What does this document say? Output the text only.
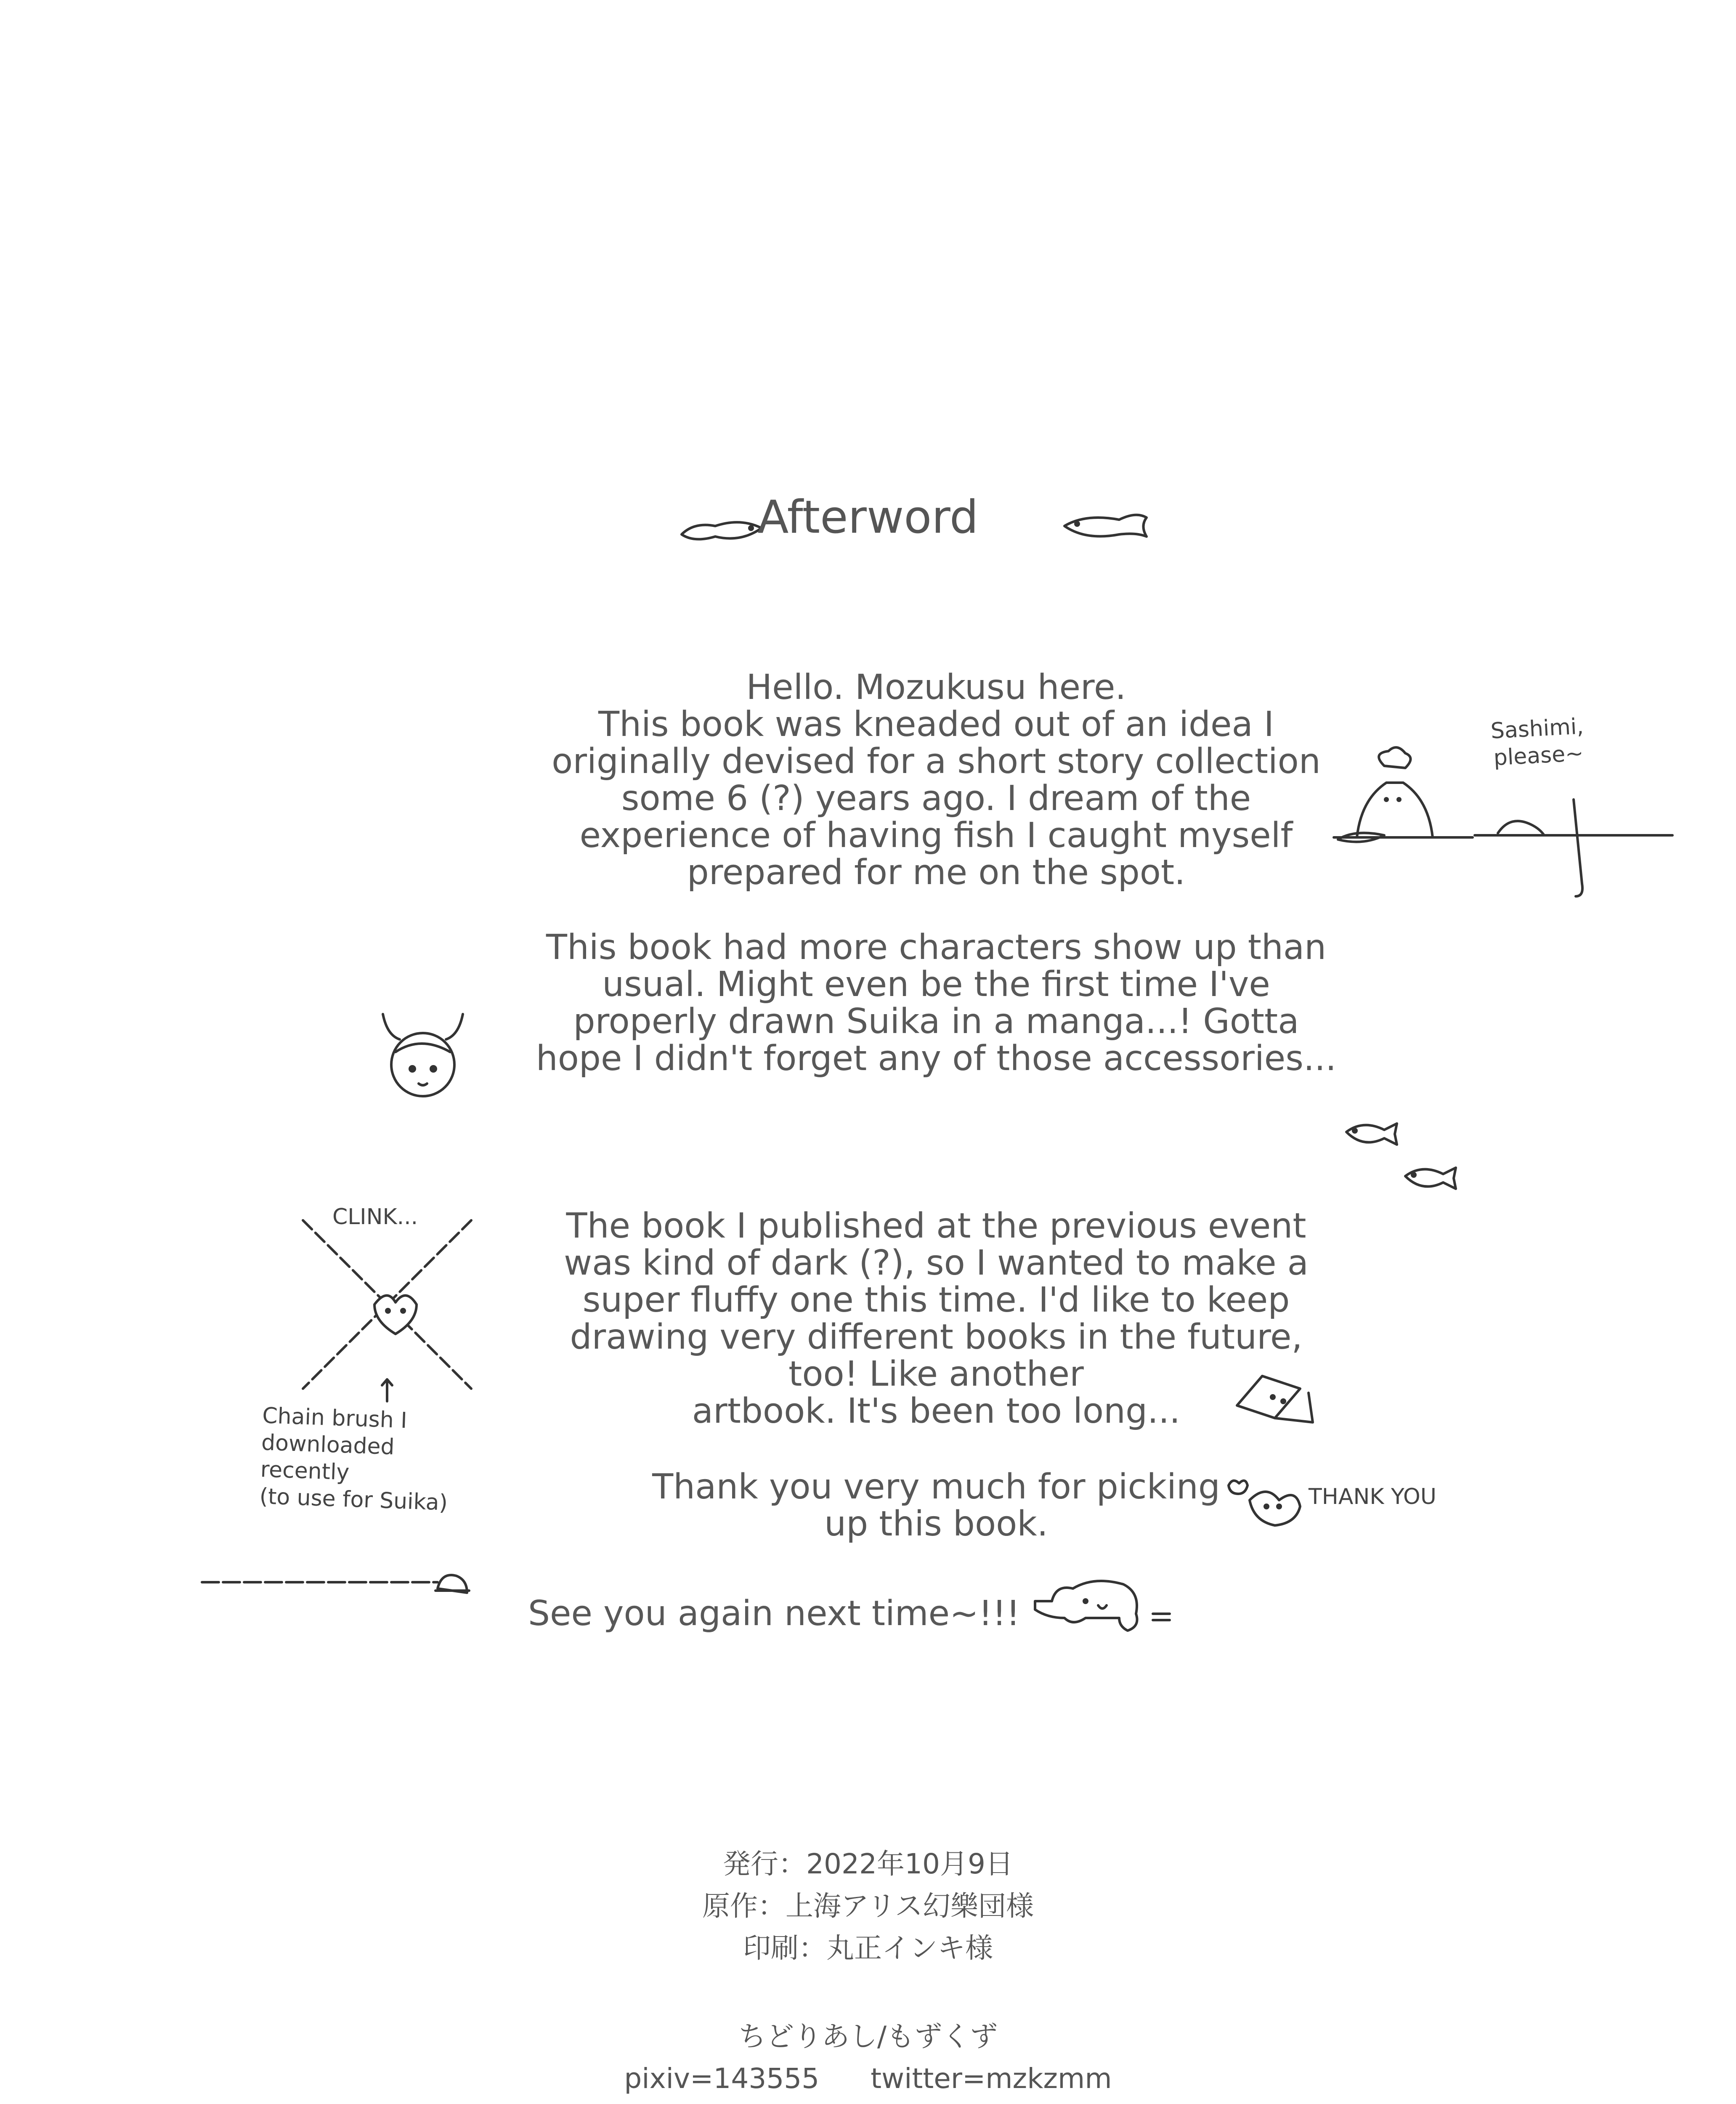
Afterword
Hello. Mozukusu here.
This book was kneaded out of an idea I
originally devised for a short story collection
some 6 (?) years ago. I dream of the
experience of having fish I caught myself
prepared for me on the spot.
Sashimi,
please~
This book had more characters show up than
usual. Might even be the first time I've
properly drawn Suika in a manga...! Gotta
hope I didn't forget any of those accessories...
CLINK...
Chain brush I
downloaded
recently
(to use for Suika)
The book I published at the previous event
was kind of dark (?), so I wanted to make a
super fluffy one this time. I'd like to keep
drawing very different books in the future,
too! Like another
artbook. It's been too long...
Thank you very much for picking
up this book.
THANK YOU
See you again next time~!!!
発行：2022年10月9日
原作：上海アリス幻樂団様
印刷：丸正インキ様
ちどりあし/もずくず
pixiv=143555 twitter=mzkzmm
